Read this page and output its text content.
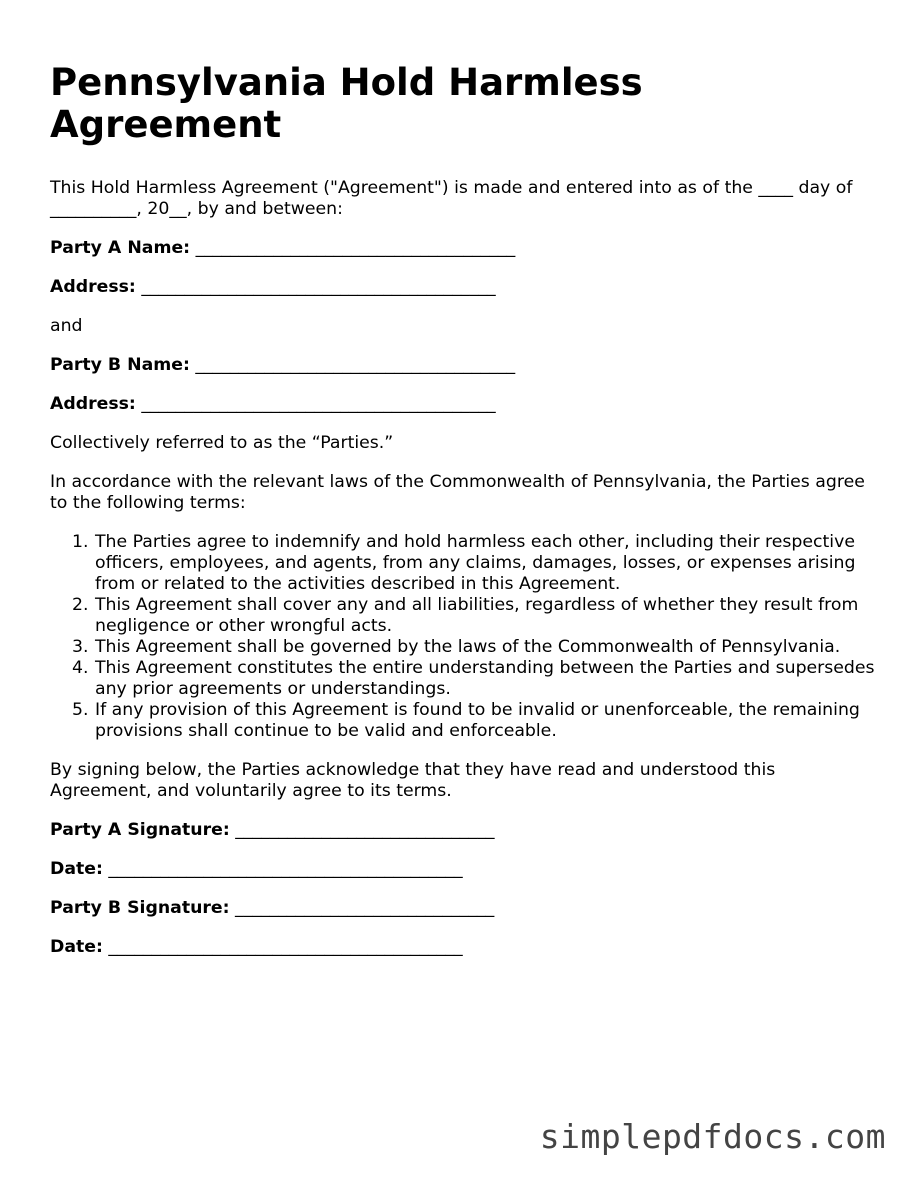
Pennsylvania Hold Harmless Agreement

This Hold Harmless Agreement ("Agreement") is made and entered into as of the ____ day of __________, 20__, by and between:

Party A Name: _____________________________________

Address: _________________________________________

and

Party B Name: _____________________________________

Address: _________________________________________

Collectively referred to as the “Parties.”

In accordance with the relevant laws of the Commonwealth of Pennsylvania, the Parties agree to the following terms:

1. The Parties agree to indemnify and hold harmless each other, including their respective officers, employees, and agents, from any claims, damages, losses, or expenses arising from or related to the activities described in this Agreement.
2. This Agreement shall cover any and all liabilities, regardless of whether they result from negligence or other wrongful acts.
3. This Agreement shall be governed by the laws of the Commonwealth of Pennsylvania.
4. This Agreement constitutes the entire understanding between the Parties and supersedes any prior agreements or understandings.
5. If any provision of this Agreement is found to be invalid or unenforceable, the remaining provisions shall continue to be valid and enforceable.

By signing below, the Parties acknowledge that they have read and understood this Agreement, and voluntarily agree to its terms.

Party A Signature: ______________________________

Date: _________________________________________

Party B Signature: ______________________________

Date: _________________________________________

simplepdfdocs.com
